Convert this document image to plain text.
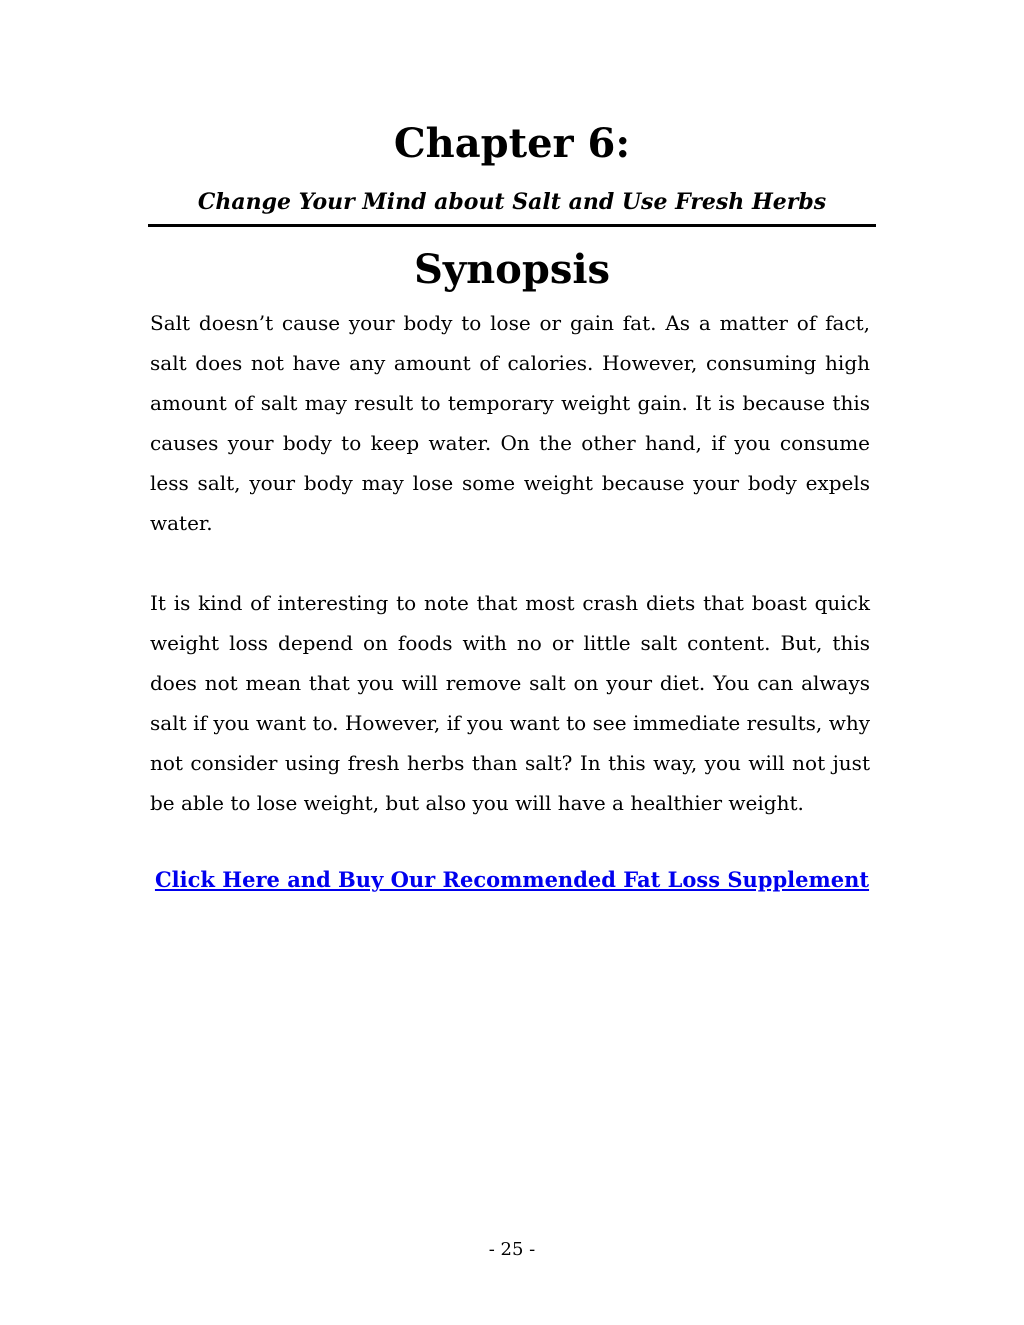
Chapter 6:
Change Your Mind about Salt and Use Fresh Herbs
Synopsis

Salt doesn’t cause your body to lose or gain fat. As a matter of fact, salt does not have any amount of calories. However, consuming high amount of salt may result to temporary weight gain. It is because this causes your body to keep water. On the other hand, if you consume less salt, your body may lose some weight because your body expels water.

It is kind of interesting to note that most crash diets that boast quick weight loss depend on foods with no or little salt content. But, this does not mean that you will remove salt on your diet. You can always salt if you want to. However, if you want to see immediate results, why not consider using fresh herbs than salt? In this way, you will not just be able to lose weight, but also you will have a healthier weight.

Click Here and Buy Our Recommended Fat Loss Supplement
- 25 -
